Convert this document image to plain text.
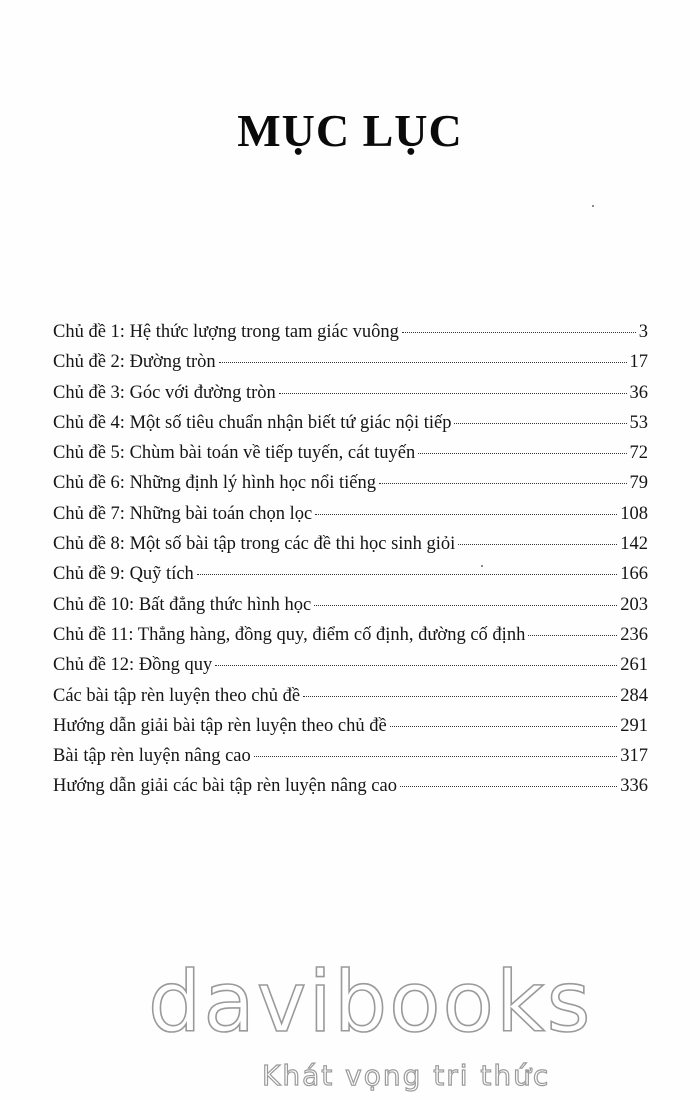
MỤC LỤC
Chủ đề 1: Hệ thức lượng trong tam giác vuông	3
Chủ đề 2: Đường tròn	17
Chủ đề 3: Góc với đường tròn	36
Chủ đề 4: Một số tiêu chuẩn nhận biết tứ giác nội tiếp	53
Chủ đề 5: Chùm bài toán về tiếp tuyến, cát tuyến	72
Chủ đề 6: Những định lý hình học nổi tiếng	79
Chủ đề 7: Những bài toán chọn lọc	108
Chủ đề 8: Một số bài tập trong các đề thi học sinh giỏi	142
Chủ đề 9: Quỹ tích	166
Chủ đề 10: Bất đẳng thức hình học	203
Chủ đề 11: Thẳng hàng, đồng quy, điểm cố định, đường cố định	236
Chủ đề 12: Đồng quy	261
Các bài tập rèn luyện theo chủ đề	284
Hướng dẫn giải bài tập rèn luyện theo chủ đề	291
Bài tập rèn luyện nâng cao	317
Hướng dẫn giải các bài tập rèn luyện nâng cao	336
davibooks
Khát vọng tri thức
